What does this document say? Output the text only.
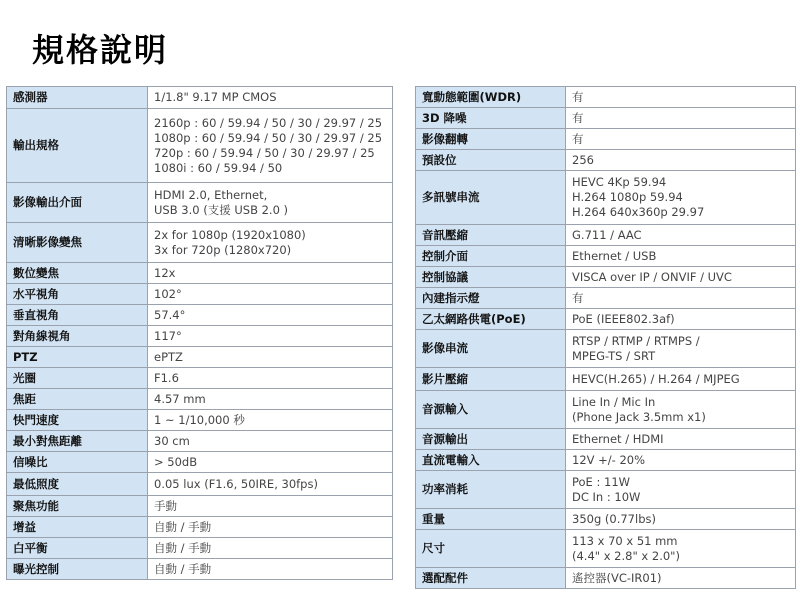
規格說明
感測器	1/1.8" 9.17 MP CMOS
輸出規格	2160p : 60 / 59.94 / 50 / 30 / 29.97 / 25
1080p : 60 / 59.94 / 50 / 30 / 29.97 / 25
720p : 60 / 59.94 / 50 / 30 / 29.97 / 25
1080i : 60 / 59.94 / 50
影像輸出介面	HDMI 2.0, Ethernet,
USB 3.0 (支援 USB 2.0 )
清晰影像變焦	2x for 1080p (1920x1080)
3x for 720p (1280x720)
數位變焦	12x
水平視角	102°
垂直視角	57.4°
對角線視角	117°
PTZ	ePTZ
光圈	F1.6
焦距	4.57 mm
快門速度	1 ~ 1/10,000 秒
最小對焦距離	30 cm
信噪比	> 50dB
最低照度	0.05 lux (F1.6, 50IRE, 30fps)
聚焦功能	手動
增益	自動 / 手動
白平衡	自動 / 手動
曝光控制	自動 / 手動
寬動態範圍(WDR)	有
3D 降噪	有
影像翻轉	有
預設位	256
多訊號串流	HEVC 4Kp 59.94
H.264 1080p 59.94
H.264 640x360p 29.97
音訊壓縮	G.711 / AAC
控制介面	Ethernet / USB
控制協議	VISCA over IP / ONVIF / UVC
內建指示燈	有
乙太網路供電(PoE)	PoE (IEEE802.3af)
影像串流	RTSP / RTMP / RTMPS /
MPEG-TS / SRT
影片壓縮	HEVC(H.265) / H.264 / MJPEG
音源輸入	Line In / Mic In
(Phone Jack 3.5mm x1)
音源輸出	Ethernet / HDMI
直流電輸入	12V +/- 20%
功率消耗	PoE : 11W
DC In : 10W
重量	350g (0.77lbs)
尺寸	113 x 70 x 51 mm
(4.4" x 2.8" x 2.0")
選配配件	遙控器(VC-IR01)
